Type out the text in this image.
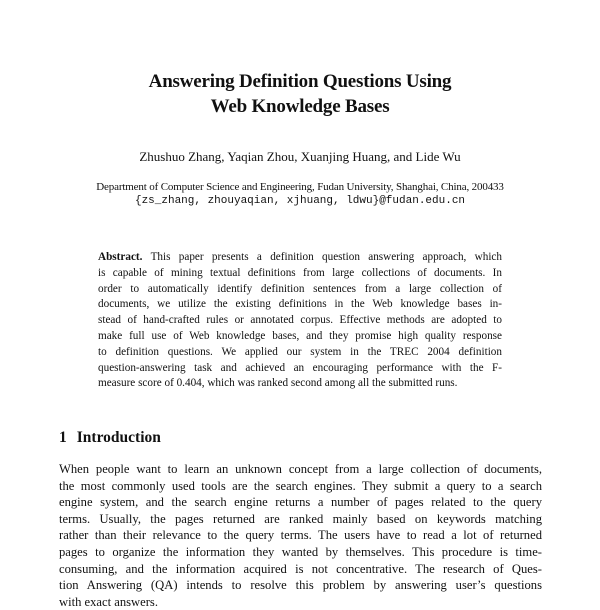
Answering Definition Questions Using
Web Knowledge Bases
Zhushuo Zhang, Yaqian Zhou, Xuanjing Huang, and Lide Wu
Department of Computer Science and Engineering, Fudan University, Shanghai, China, 200433
{zs_zhang, zhouyaqian, xjhuang, ldwu}@fudan.edu.cn
Abstract. This paper presents a definition question answering approach, which
is capable of mining textual definitions from large collections of documents. In
order to automatically identify definition sentences from a large collection of
documents, we utilize the existing definitions in the Web knowledge bases in-
stead of hand-crafted rules or annotated corpus. Effective methods are adopted to
make full use of Web knowledge bases, and they promise high quality response
to definition questions. We applied our system in the TREC 2004 definition
question-answering task and achieved an encouraging performance with the F-
measure score of 0.404, which was ranked second among all the submitted runs.
1 Introduction
When people want to learn an unknown concept from a large collection of documents,
the most commonly used tools are the search engines. They submit a query to a search
engine system, and the search engine returns a number of pages related to the query
terms. Usually, the pages returned are ranked mainly based on keywords matching
rather than their relevance to the query terms. The users have to read a lot of returned
pages to organize the information they wanted by themselves. This procedure is time-
consuming, and the information acquired is not concentrative. The research of Ques-
tion Answering (QA) intends to resolve this problem by answering user’s questions
with exact answers.
